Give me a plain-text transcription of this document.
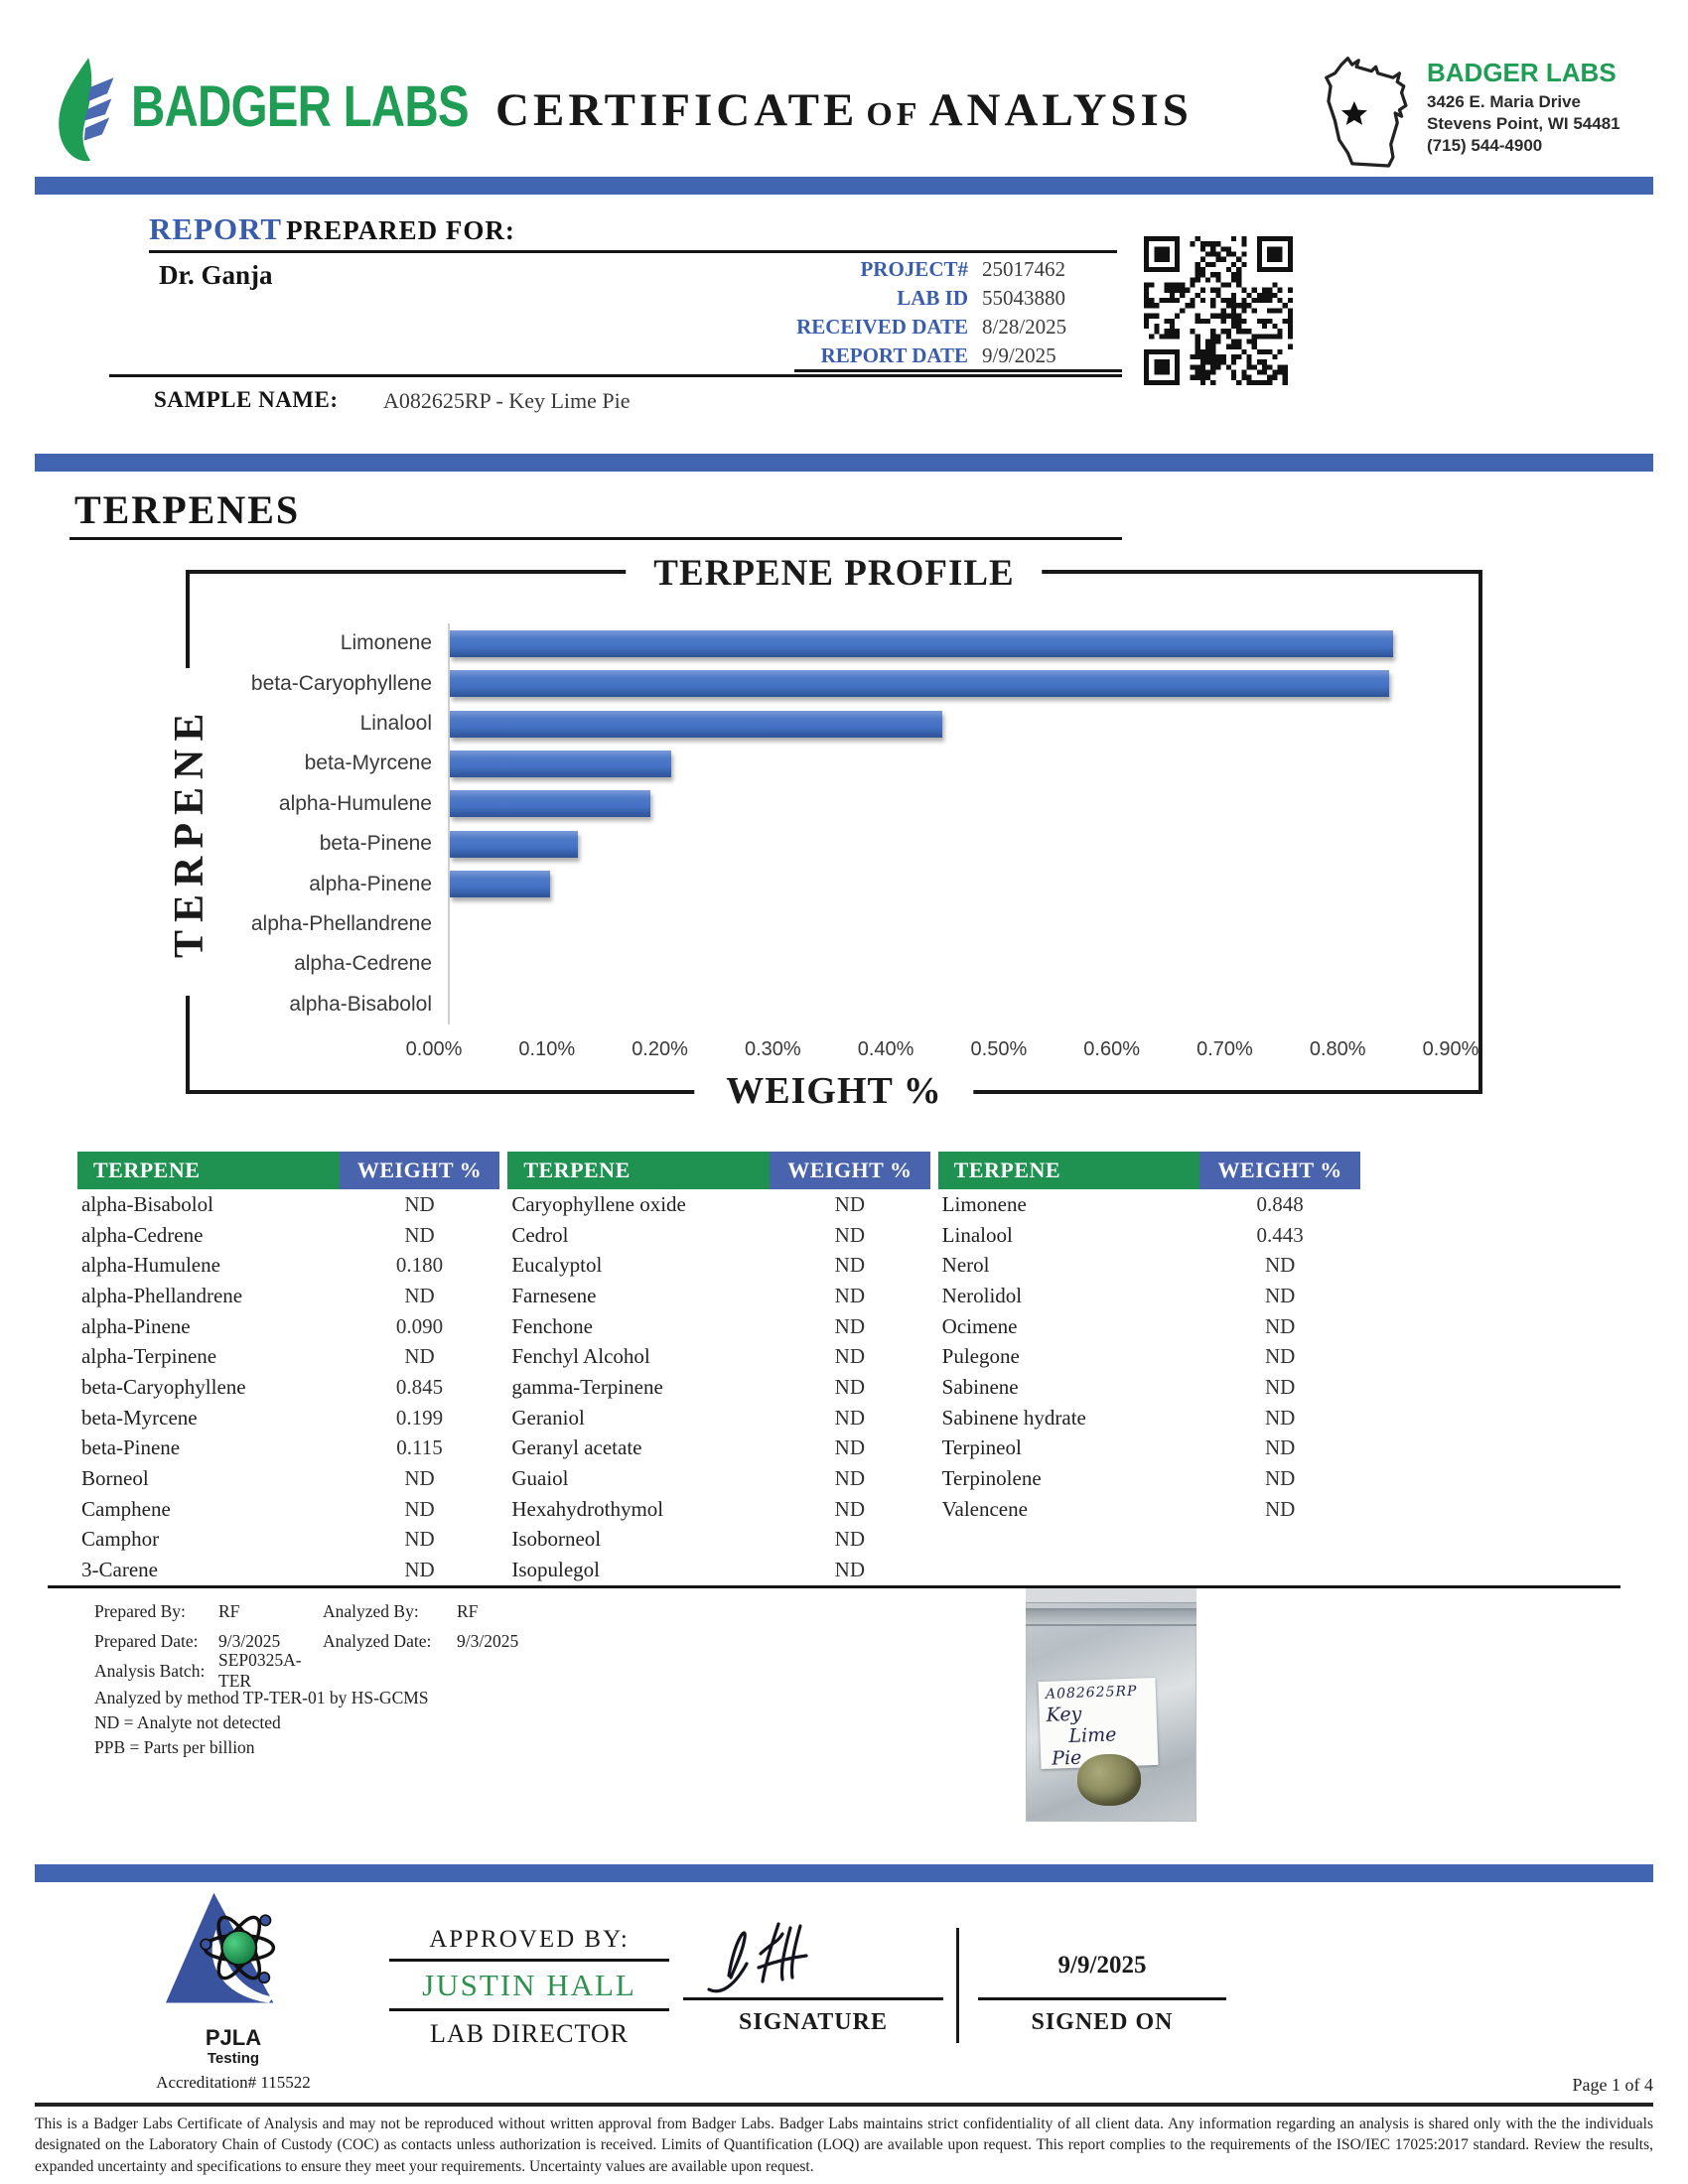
BADGER LABS CERTIFICATE OF ANALYSIS
BADGER LABS
3426 E. Maria Drive
Stevens Point, WI 54481
(715) 544-4900
REPORT PREPARED FOR:
Dr. Ganja	PROJECT# 25017462
LAB ID 55043880
RECEIVED DATE 8/28/2025
REPORT DATE 9/9/2025
SAMPLE NAME: A082625RP - Key Lime Pie
TERPENES
TERPENE PROFILE
TERPENE
WEIGHT %
Limonene
beta-Caryophyllene
Linalool
beta-Myrcene
alpha-Humulene
beta-Pinene
alpha-Pinene
alpha-Phellandrene
alpha-Cedrene
alpha-Bisabolol
0.00%	0.10%	0.20%	0.30%	0.40%	0.50%	0.60%	0.70%	0.80%	0.90%
TERPENE	WEIGHT %
alpha-Bisabolol	ND
alpha-Cedrene	ND
alpha-Humulene	0.180
alpha-Phellandrene	ND
alpha-Pinene	0.090
alpha-Terpinene	ND
beta-Caryophyllene	0.845
beta-Myrcene	0.199
beta-Pinene	0.115
Borneol	ND
Camphene	ND
Camphor	ND
3-Carene	ND
TERPENE	WEIGHT %
Caryophyllene oxide	ND
Cedrol	ND
Eucalyptol	ND
Farnesene	ND
Fenchone	ND
Fenchyl Alcohol	ND
gamma-Terpinene	ND
Geraniol	ND
Geranyl acetate	ND
Guaiol	ND
Hexahydrothymol	ND
Isoborneol	ND
Isopulegol	ND
TERPENE	WEIGHT %
Limonene	0.848
Linalool	0.443
Nerol	ND
Nerolidol	ND
Ocimene	ND
Pulegone	ND
Sabinene	ND
Sabinene hydrate	ND
Terpineol	ND
Terpinolene	ND
Valencene	ND
Prepared By:	RF	Analyzed By:	RF
Prepared Date:	9/3/2025	Analyzed Date:	9/3/2025
Analysis Batch:
SEP0325A-TER
Analyzed by method TP-TER-01 by HS-GCMS
ND = Analyte not detected
PPB = Parts per billion
A082625RP
Key
Lime
Pie
PJLA
Testing
Accreditation# 115522
APPROVED BY:
JUSTIN HALL
LAB DIRECTOR	SIGNATURE
9/9/2025
SIGNED ON
Page 1 of 4
This is a Badger Labs Certificate of Analysis and may not be reproduced without written approval from Badger Labs. Badger Labs maintains strict confidentiality of all client data. Any information regarding an analysis is shared only with the the individuals designated on the Laboratory Chain of Custody (COC) as contacts unless authorization is received. Limits of Quantification (LOQ) are available upon request. This report complies to the requirements of the ISO/IEC 17025:2017 standard. Review the results, expanded uncertainty and specifications to ensure they meet your requirements. Uncertainty values are available upon request.
